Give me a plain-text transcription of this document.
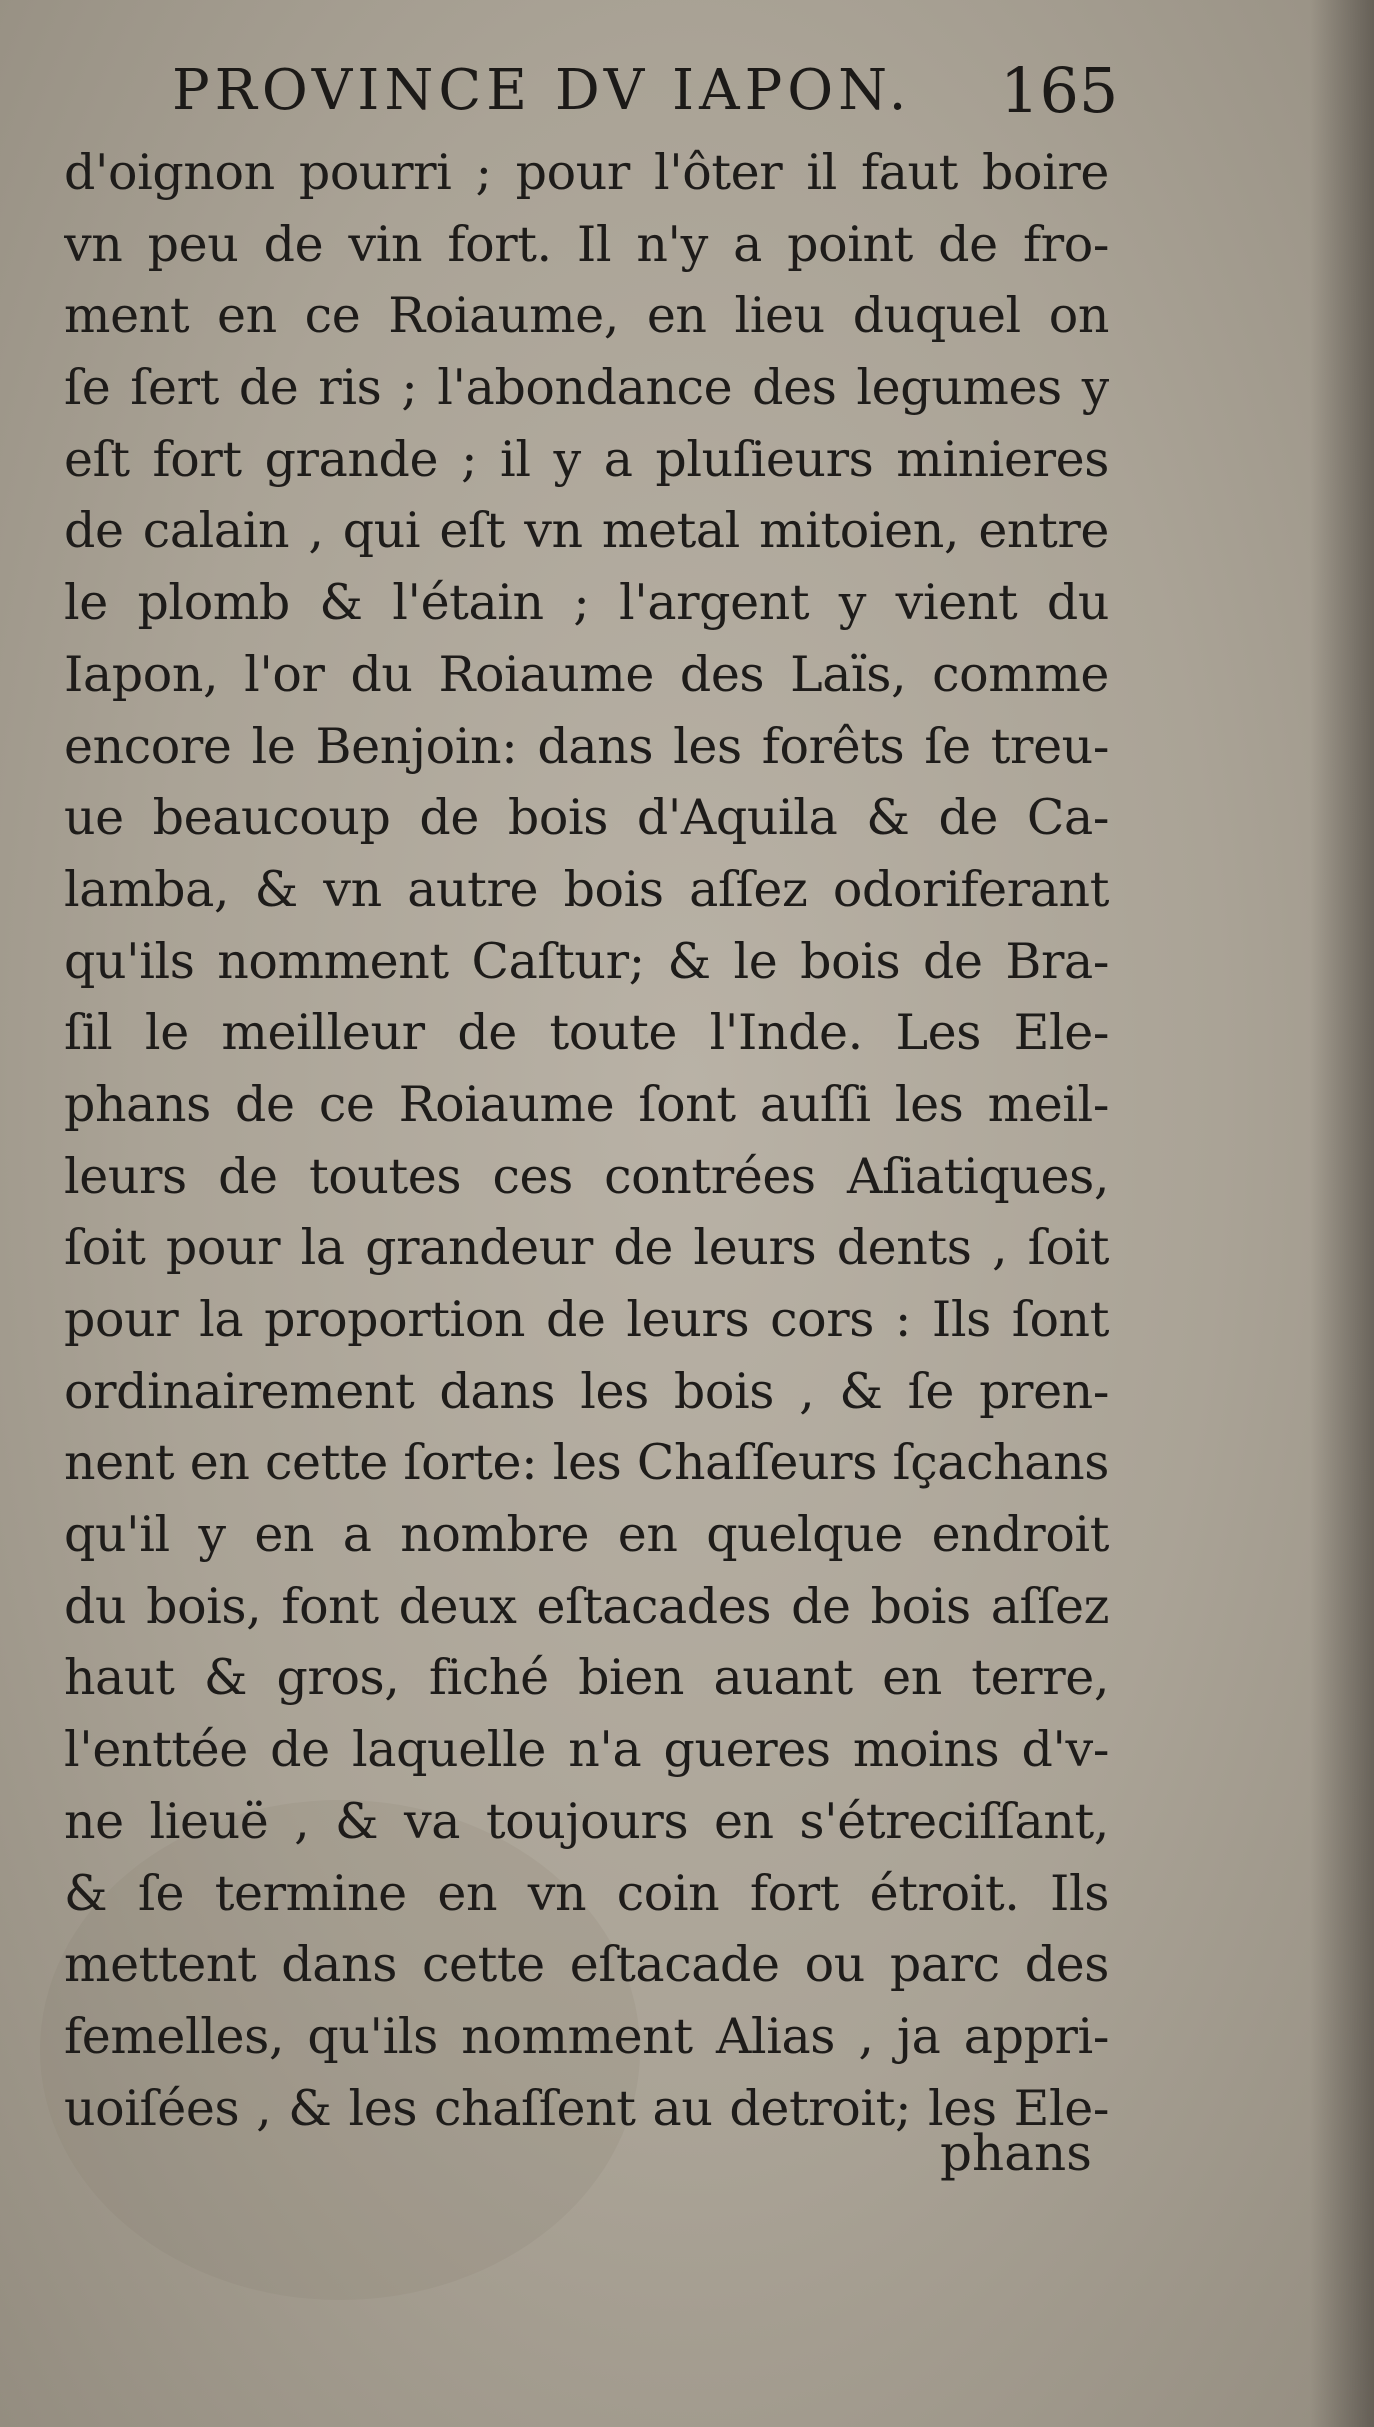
PROVINCE DV IAPON. 165
d'oignon pourri ; pour l'ôter il faut boire
vn peu de vin fort. Il n'y a point de fro-
ment en ce Roiaume, en lieu duquel on
ſe ſert de ris ; l'abondance des legumes y
eſt fort grande ; il y a pluſieurs minieres
de calain , qui eſt vn metal mitoien, entre
le plomb & l'étain ; l'argent y vient du
Iapon, l'or du Roiaume des Laïs, comme
encore le Benjoin: dans les forêts ſe treu-
ue beaucoup de bois d'Aquila & de Ca-
lamba, & vn autre bois aſſez odoriferant
qu'ils nomment Caſtur; & le bois de Bra-
ſil le meilleur de toute l'Inde. Les Ele-
phans de ce Roiaume ſont auſſi les meil-
leurs de toutes ces contrées Aſiatiques,
ſoit pour la grandeur de leurs dents , ſoit
pour la proportion de leurs cors : Ils ſont
ordinairement dans les bois , & ſe pren-
nent en cette ſorte: les Chaſſeurs ſçachans
qu'il y en a nombre en quelque endroit
du bois, font deux eſtacades de bois aſſez
haut & gros, fiché bien auant en terre,
l'enttée de laquelle n'a gueres moins d'v-
ne lieuë , & va toujours en s'étreciſſant,
& ſe termine en vn coin fort étroit. Ils
mettent dans cette eſtacade ou parc des
femelles, qu'ils nomment Alias , ja appri-
uoiſées , & les chaſſent au detroit; les Ele-
phans
